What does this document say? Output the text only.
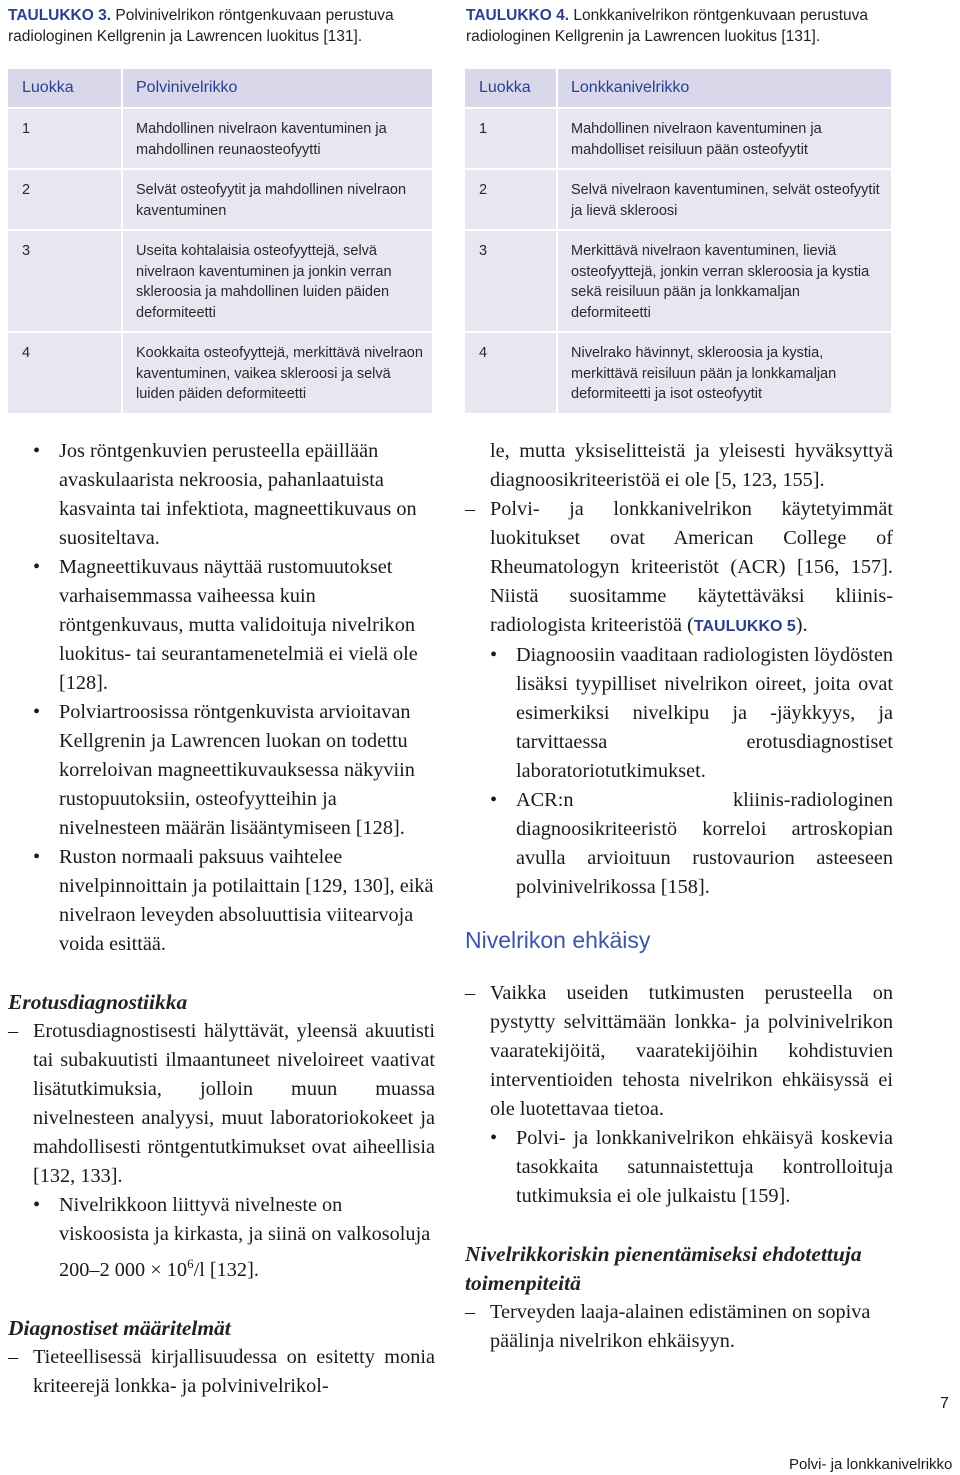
TAULUKKO 3. Polvinivelrikon röntgenkuvaan perustuva radiologinen Kellgrenin ja Lawrencen luokitus [131].
TAULUKKO 4. Lonkkanivelrikon röntgenkuvaan perustuva radiologinen Kellgrenin ja Lawrencen luokitus [131].
Luokka	Polvinivelrikko
1	Mahdollinen nivelraon kaventuminen ja mahdollinen reunaosteofyytti
2	Selvät osteofyytit ja mahdollinen nivelraon kaventuminen
3	Useita kohtalaisia osteofyyttejä, selvä nivelraon kaventuminen ja jonkin verran skleroosia ja mahdollinen luiden päiden deformiteetti
4	Kookkaita osteofyyttejä, merkittävä nivelraon kaventuminen, vaikea skleroosi ja selvä luiden päiden deformiteetti
Luokka	Lonkkanivelrikko
1	Mahdollinen nivelraon kaventuminen ja mahdolliset reisiluun pään osteofyytit
2	Selvä nivelraon kaventuminen, selvät osteofyytit ja lievä skleroosi
3	Merkittävä nivelraon kaventuminen, lieviä osteofyyttejä, jonkin verran skleroosia ja kystia sekä reisiluun pään ja lonkkamaljan deformiteetti
4	Nivelrako hävinnyt, skleroosia ja kystia, merkittävä reisiluun pään ja lonkkamaljan deformiteetti ja isot osteofyytit

• Jos röntgenkuvien perusteella epäillään avaskulaarista nekroosia, pahanlaatuista kasvainta tai infektiota, magneettikuvaus on suositeltava.

• Magneettikuvaus näyttää rustomuutokset varhaisemmassa vaiheessa kuin röntgenkuvaus, mutta validoituja nivelrikon luokitus- tai seurantamenetelmiä ei vielä ole [128].

• Polviartroosissa röntgenkuvista arvioitavan Kellgrenin ja Lawrencen luokan on todettu korreloivan magneettikuvauksessa näkyviin rustopuutoksiin, osteofyytteihin ja nivelnesteen määrän lisääntymiseen [128].

• Ruston normaali paksuus vaihtelee nivelpinnoittain ja potilaittain [129, 130], eikä nivelraon leveyden absoluuttisia viitearvoja voida esittää.

Erotusdiagnostiikka

– Erotusdiagnostisesti hälyttävät, yleensä akuutisti tai subakuutisti ilmaantuneet niveloireet vaativat lisätutkimuksia, jolloin muun muassa nivelnesteen analyysi, muut laboratoriokokeet ja mahdollisesti röntgentutkimukset ovat aiheellisia [132, 133].

• Nivelrikkoon liittyvä nivelneste on viskoosista ja kirkasta, ja siinä on valkosoluja 200–2 $000 \times 10^6/l$ [132].

Diagnostiset määritelmät

– Tieteellisessä kirjallisuudessa on esitetty monia kriteerejä lonkka- ja polvinivelrikol-

le, mutta yksiselitteistä ja yleisesti hyväksyttyä diagnoosikriteeristöä ei ole [5, 123, 155].

– Polvi- ja lonkkanivelrikon käytetyimmät luokitukset ovat American College of Rheumatologyn kriteeristöt (ACR) [156, 157]. Niistä suositamme käytettäväksi kliinis-radiologista kriteeristöä (TAULUKKO 5).

• Diagnoosiin vaaditaan radiologisten löydösten lisäksi tyypilliset nivelrikon oireet, joita ovat esimerkiksi nivelkipu ja -jäykkyys, ja tarvittaessa erotusdiagnostiset laboratoriotutkimukset.

• ACR:n kliinis-radiologinen diagnoosikriteeristö korreloi artroskopian avulla arvioituun rustovaurion asteeseen polvinivelrikossa [158].

Nivelrikon ehkäisy

– Vaikka useiden tutkimusten perusteella on pystytty selvittämään lonkka- ja polvinivelrikon vaaratekijöitä, vaaratekijöihin kohdistuvien interventioiden tehosta nivelrikon ehkäisyssä ei ole luotettavaa tietoa.

• Polvi- ja lonkkanivelrikon ehkäisyä koskevia tasokkaita satunnaistettuja kontrolloituja tutkimuksia ei ole julkaistu [159].

Nivelrikkoriskin pienentämiseksi ehdotettuja toimenpiteitä

– Terveyden laaja-alainen edistäminen on sopiva päälinja nivelrikon ehkäisyyn.

7
Polvi- ja lonkkanivelrikko
